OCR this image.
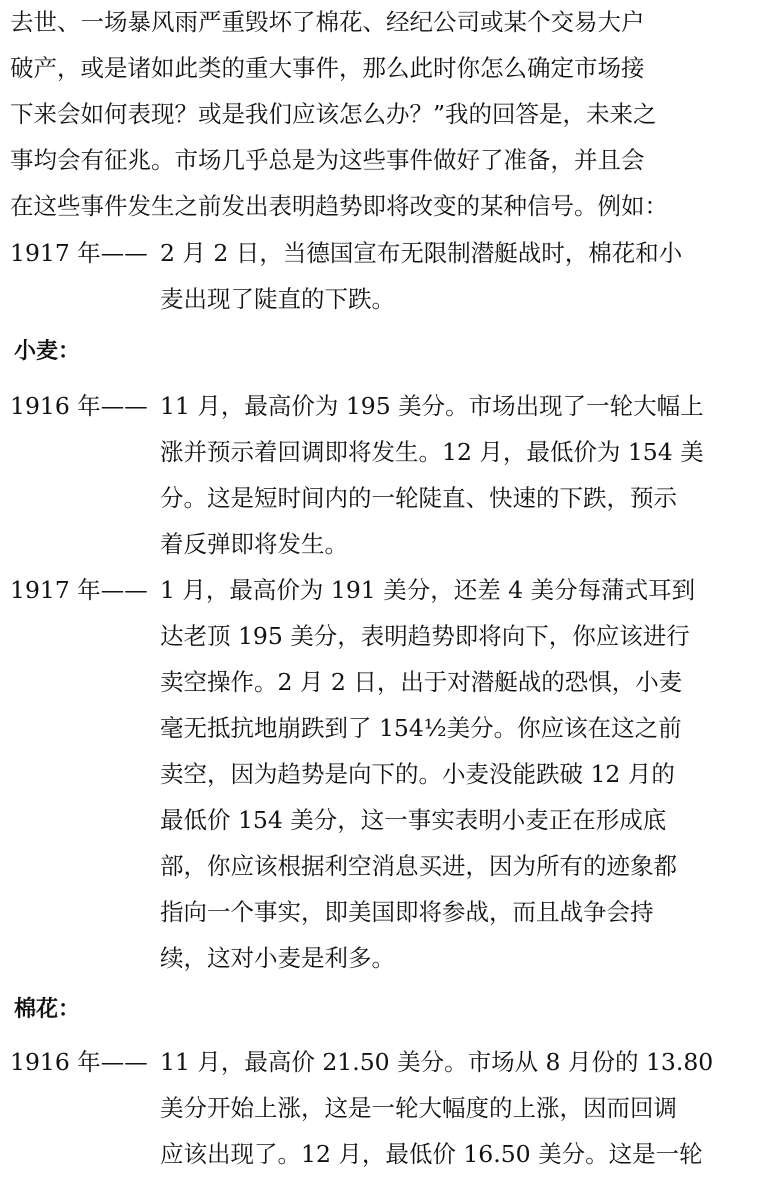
去世、一场暴风雨严重毁坏了棉花、经纪公司或某个交易大户
破产，或是诸如此类的重大事件，那么此时你怎么确定市场接
下来会如何表现？或是我们应该怎么办？”我的回答是，未来之
事均会有征兆。市场几乎总是为这些事件做好了准备，并且会
在这些事件发生之前发出表明趋势即将改变的某种信号。例如：
1917 年—— 2 月 2 日，当德国宣布无限制潜艇战时，棉花和小
麦出现了陡直的下跌。
小麦：
1916 年—— 11 月，最高价为 195 美分。市场出现了一轮大幅上
涨并预示着回调即将发生。12 月，最低价为 154 美
分。这是短时间内的一轮陡直、快速的下跌，预示
着反弹即将发生。
1917 年—— 1 月，最高价为 191 美分，还差 4 美分每蒲式耳到
达老顶 195 美分，表明趋势即将向下，你应该进行
卖空操作。2 月 2 日，出于对潜艇战的恐惧，小麦
毫无抵抗地崩跌到了 154½美分。你应该在这之前
卖空，因为趋势是向下的。小麦没能跌破 12 月的
最低价 154 美分，这一事实表明小麦正在形成底
部，你应该根据利空消息买进，因为所有的迹象都
指向一个事实，即美国即将参战，而且战争会持
续，这对小麦是利多。
棉花：
1916 年—— 11 月，最高价 21.50 美分。市场从 8 月份的 13.80
美分开始上涨，这是一轮大幅度的上涨，因而回调
应该出现了。12 月，最低价 16.50 美分。这是一轮
